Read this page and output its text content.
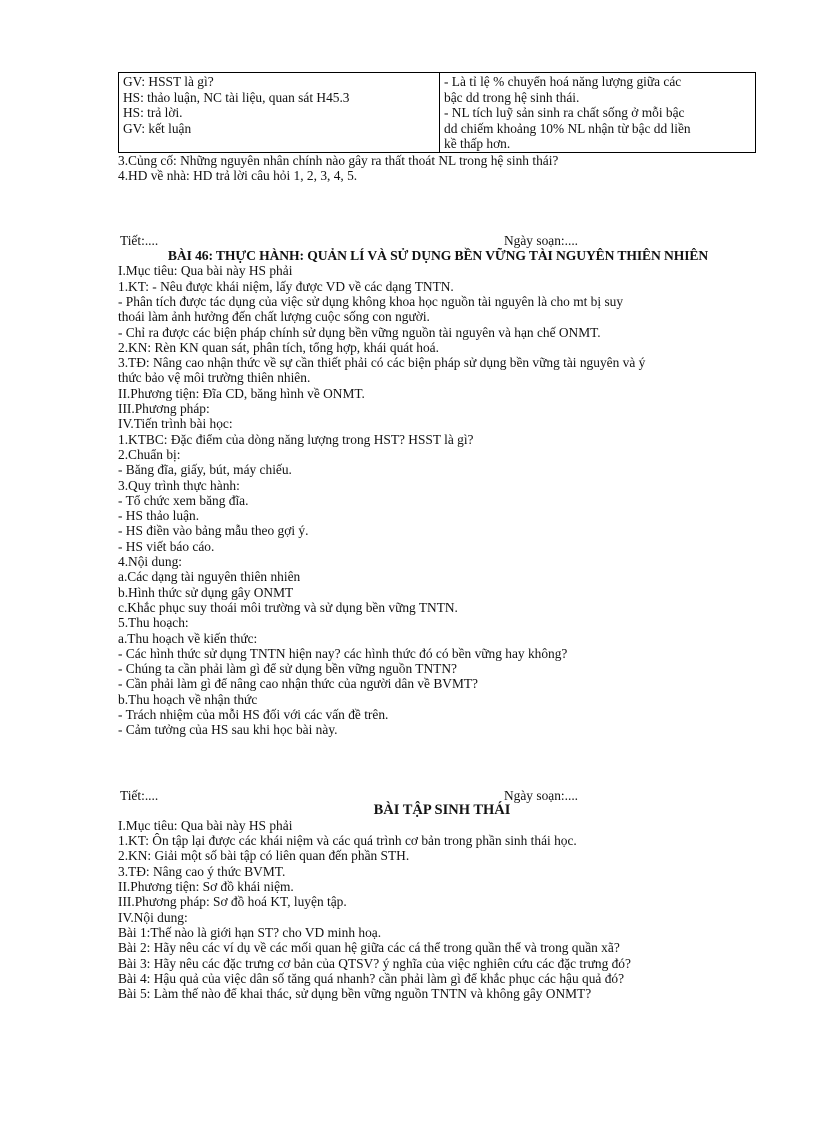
GV: HSST là gì?
HS: thảo luận, NC tài liệu, quan sát H45.3
HS: trả lời.
GV: kết luận

- Là tỉ lệ % chuyển hoá năng lượng giữa các
bậc dd trong hệ sinh thái.
- NL tích luỹ sản sinh ra chất sống ở mỗi bậc
dd chiếm khoảng 10% NL nhận từ bậc dd liền
kề thấp hơn.
3.Củng cố: Những nguyên nhân chính nào gây ra thất thoát NL trong hệ sinh thái?
4.HD về nhà: HD trả lời câu hỏi 1, 2, 3, 4, 5.
Tiết:....	Ngày soạn:....
BÀI 46: THỰC HÀNH: QUẢN LÍ VÀ SỬ DỤNG BỀN VỮNG TÀI NGUYÊN THIÊN NHIÊN
I.Mục tiêu: Qua bài này HS phải
1.KT: - Nêu được khái niệm, lấy được VD về các dạng TNTN.
- Phân tích được tác dụng của việc sử dụng không khoa học nguồn tài nguyên là cho mt bị suy
thoái làm ảnh hưởng đến chất lượng cuộc sống con người.
- Chỉ ra được các biện pháp chính sử dụng bền vững nguồn tài nguyên và hạn chế ONMT.
2.KN: Rèn KN quan sát, phân tích, tổng hợp, khái quát hoá.
3.TĐ: Nâng cao nhận thức về sự cần thiết phải có các biện pháp sử dụng bền vững tài nguyên và ý
thức bảo vệ môi trường thiên nhiên.
II.Phương tiện: Đĩa CD, băng hình về ONMT.
III.Phương pháp:
IV.Tiến trình bài học:
1.KTBC: Đặc điểm của dòng năng lượng trong HST? HSST là gì?
2.Chuẩn bị:
- Băng đĩa, giấy, bút, máy chiếu.
3.Quy trình thực hành:
- Tổ chức xem băng đĩa.
- HS thảo luận.
- HS điền vào bảng mẫu theo gợi ý.
- HS viết báo cáo.
4.Nội dung:
a.Các dạng tài nguyên thiên nhiên
b.Hình thức sử dụng gây ONMT
c.Khắc phục suy thoái môi trường và sử dụng bền vững TNTN.
5.Thu hoạch:
a.Thu hoạch về kiến thức:
- Các hình thức sử dụng TNTN hiện nay? các hình thức đó có bền vững hay không?
- Chúng ta cần phải làm gì để sử dụng bền vững nguồn TNTN?
- Cần phải làm gì để nâng cao nhận thức của người dân về BVMT?
b.Thu hoạch về nhận thức
- Trách nhiệm của mỗi HS đối với các vấn đề trên.
- Cảm tưởng của HS sau khi học bài này.
Tiết:....	Ngày soạn:....
BÀI TẬP SINH THÁI
I.Mục tiêu: Qua bài này HS phải
1.KT: Ôn tập lại được các khái niệm và các quá trình cơ bản trong phần sinh thái học.
2.KN: Giải một số bài tập có liên quan đến phần STH.
3.TĐ: Nâng cao ý thức BVMT.
II.Phương tiện: Sơ đồ khái niệm.
III.Phương pháp: Sơ đồ hoá KT, luyện tập.
IV.Nội dung:
Bài 1:Thế nào là giới hạn ST? cho VD minh hoạ.
Bài 2: Hãy nêu các ví dụ về các mối quan hệ giữa các cá thể trong quần thể và trong quần xã?
Bài 3: Hãy nêu các đặc trưng cơ bản của QTSV? ý nghĩa của việc nghiên cứu các đặc trưng đó?
Bài 4: Hậu quả của việc dân số tăng quá nhanh? cần phải làm gì để khắc phục các hậu quả đó?
Bài 5: Làm thế nào để khai thác, sử dụng bền vững nguồn TNTN và không gây ONMT?
